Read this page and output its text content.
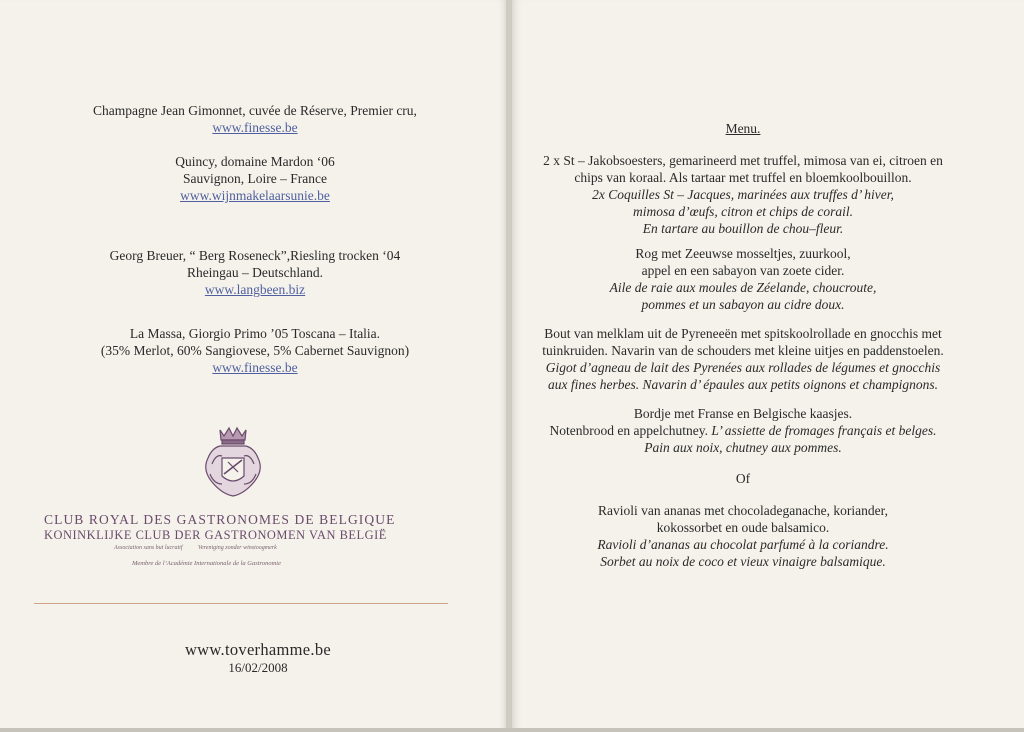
Champagne Jean Gimonnet, cuvée de Réserve, Premier cru,
www.finesse.be
Quincy, domaine Mardon ‘06
Sauvignon, Loire – France
www.wijnmakelaarsunie.be
Georg Breuer, “ Berg Roseneck”,Riesling trocken ‘04
Rheingau – Deutschland.
www.langbeen.biz
La Massa, Giorgio Primo ’05 Toscana – Italia.
(35% Merlot, 60% Sangiovese, 5% Cabernet Sauvignon)
www.finesse.be
CLUB ROYAL DES GASTRONOMES DE BELGIQUE
KONINKLIJKE CLUB DER GASTRONOMEN VAN BELGIË
Association sans but lucratif	Vereniging zonder winstoogmerk
Membre de l’Académie Internationale de la Gastronomie
www.toverhamme.be
16/02/2008
Menu.

2 x St – Jakobsoesters, gemarineerd met truffel, mimosa van ei, citroen en

chips van koraal. Als tartaar met truffel en bloemkoolbouillon.

2x Coquilles St – Jacques, marinées aux truffes d’ hiver,

mimosa d’œufs, citron et chips de corail.

En tartare au bouillon de chou–fleur.

Rog met Zeeuwse mosseltjes, zuurkool,

appel en een sabayon van zoete cider.

Aile de raie aux moules de Zéelande, choucroute,

pommes et un sabayon au cidre doux.

Bout van melklam uit de Pyreneeën met spitskoolrollade en gnocchis met

tuinkruiden. Navarin van de schouders met kleine uitjes en paddenstoelen.

Gigot d’agneau de lait des Pyrenées aux rollades de légumes et gnocchis

aux fines herbes. Navarin d’ épaules aux petits oignons et champignons.

Bordje met Franse en Belgische kaasjes.

Notenbrood en appelchutney. L’ assiette de fromages français et belges.

Pain aux noix, chutney aux pommes.

Of

Ravioli van ananas met chocoladeganache, koriander,

kokossorbet en oude balsamico.

Ravioli d’ananas au chocolat parfumé à la coriandre.

Sorbet au noix de coco et vieux vinaigre balsamique.
